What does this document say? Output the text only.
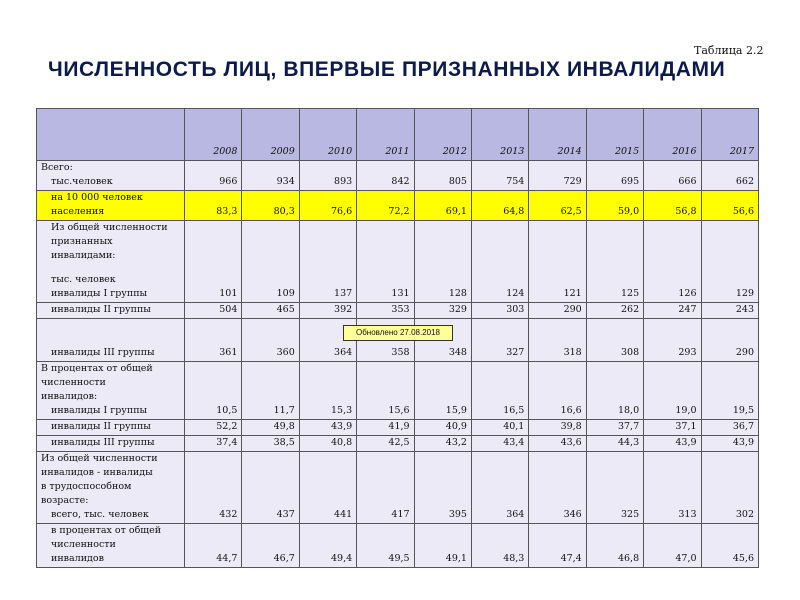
Таблица 2.2
ЧИСЛЕННОСТЬ ЛИЦ, ВПЕРВЫЕ ПРИЗНАННЫХ ИНВАЛИДАМИ
	2008	2009	2010	2011	2012	2013	2014	2015	2016	2017

Всего:
тыс.человек	966	934	893	842	805	754	729	695	666	662

на 10 000 человек
населения	83,3	80,3	76,6	72,2	69,1	64,8	62,5	59,0	56,8	56,6

Из общей численности
признанных
инвалидами:
тыс. человек
инвалиды I группы	101	109	137	131	128	124	121	125	126	129

инвалиды II группы	504	465	392	353	329	303	290	262	247	243

инвалиды III группы	361	360	364	358	348	327	318	308	293	290

В процентах от общей
численности
инвалидов:
инвалиды I группы	10,5	11,7	15,3	15,6	15,9	16,5	16,6	18,0	19,0	19,5

инвалиды II группы	52,2	49,8	43,9	41,9	40,9	40,1	39,8	37,7	37,1	36,7

инвалиды III группы	37,4	38,5	40,8	42,5	43,2	43,4	43,6	44,3	43,9	43,9

Из общей численности
инвалидов - инвалиды
в трудоспособном
возрасте:
всего, тыс. человек	432	437	441	417	395	364	346	325	313	302

в процентах от общей
численности
инвалидов	44,7	46,7	49,4	49,5	49,1	48,3	47,4	46,8	47,0	45,6
Обновлено 27.08.2018
